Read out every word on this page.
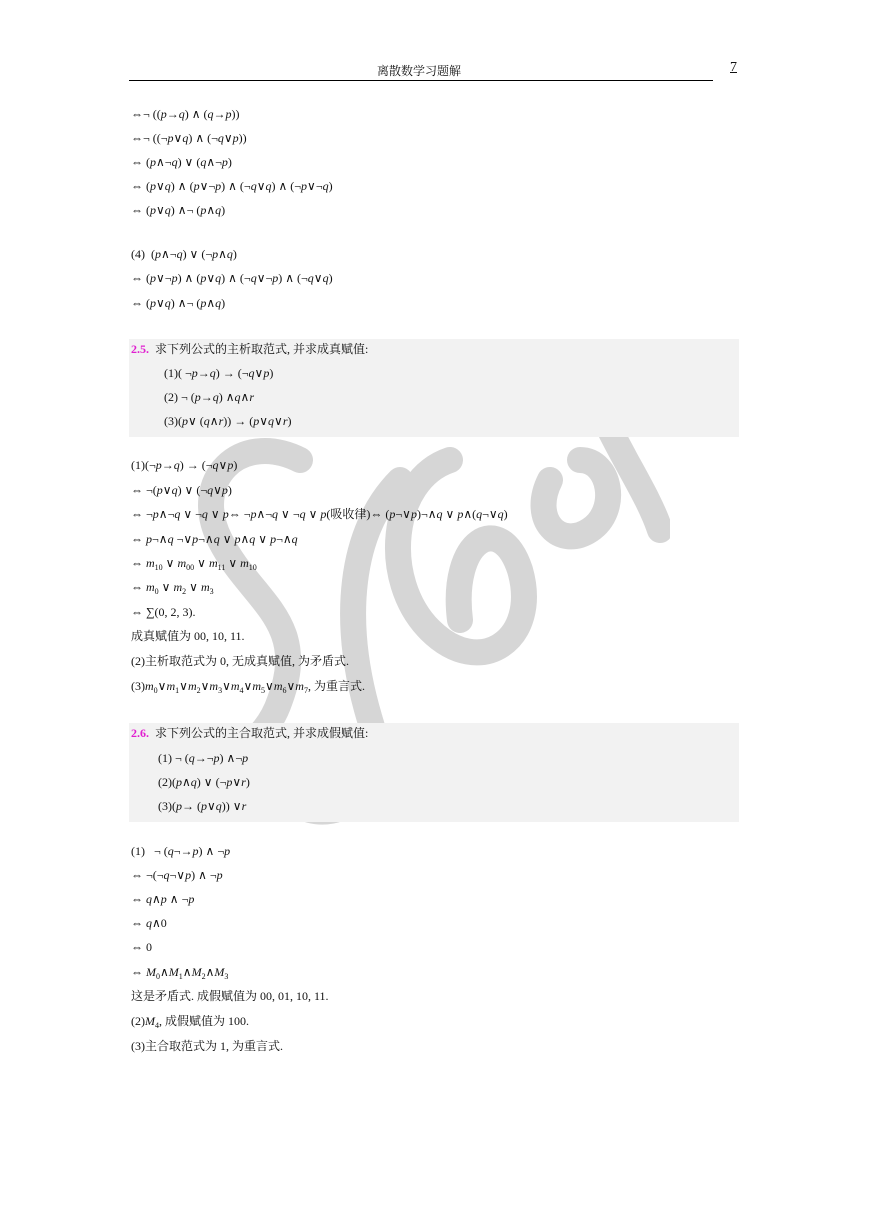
离散数学习题解	7
⇔¬ ((p→q) ∧ (q→p))
⇔¬ ((¬p∨q) ∧ (¬q∨p))
⇔ (p∧¬q) ∨ (q∧¬p)
⇔ (p∨q) ∧ (p∨¬p) ∧ (¬q∨q) ∧ (¬p∨¬q)
⇔ (p∨q) ∧¬ (p∧q)
(4)  (p∧¬q) ∨ (¬p∧q)
⇔ (p∨¬p) ∧ (p∨q) ∧ (¬q∨¬p) ∧ (¬q∨q)
⇔ (p∨q) ∧¬ (p∧q)
2.5. 求下列公式的主析取范式, 并求成真赋值:
(1)( ¬p→q) → (¬q∨p)
(2) ¬ (p→q) ∧q∧r
(3)(p∨ (q∧r)) → (p∨q∨r)
(1)(¬p→q) → (¬q∨p)
⇔ ¬(p∨q) ∨ (¬q∨p)
⇔ ¬p∧¬q ∨ ¬q ∨ p⇔ ¬p∧¬q ∨ ¬q ∨ p(吸收律)⇔ (p¬∨p)¬∧q ∨ p∧(q¬∨q)
⇔ p¬∧q ¬∨p¬∧q ∨ p∧q ∨ p¬∧q
⇔ $m_{10}$ ∨ $m_{00}$ ∨ $m_{11}$ ∨ $m_{10}$
⇔ $m_0$ ∨ $m_2$ ∨ $m_3$
⇔ ∑(0, 2, 3).
成真赋值为 00, 10, 11.
(2)主析取范式为 0, 无成真赋值, 为矛盾式.
$(3)m_0\vee m_1\vee m_2\vee m_3\vee m_4\vee m_5\vee m_6\vee m_7$, 为重言式.
2.6. 求下列公式的主合取范式, 并求成假赋值:
(1) ¬ (q→¬p) ∧¬p
(2)(p∧q) ∨ (¬p∨r)
(3)(p→ (p∨q)) ∨r
(1)   ¬ (q¬→p) ∧ ¬p
⇔ ¬(¬q¬∨p) ∧ ¬p
⇔ q∧p ∧ ¬p
⇔ q∧0
⇔ 0
⇔ $M_0\wedge M_1\wedge M_2\wedge M_3$
这是矛盾式. 成假赋值为 00, 01, 10, 11.
$(2)M_4$, 成假赋值为 100.
(3)主合取范式为 1, 为重言式.
